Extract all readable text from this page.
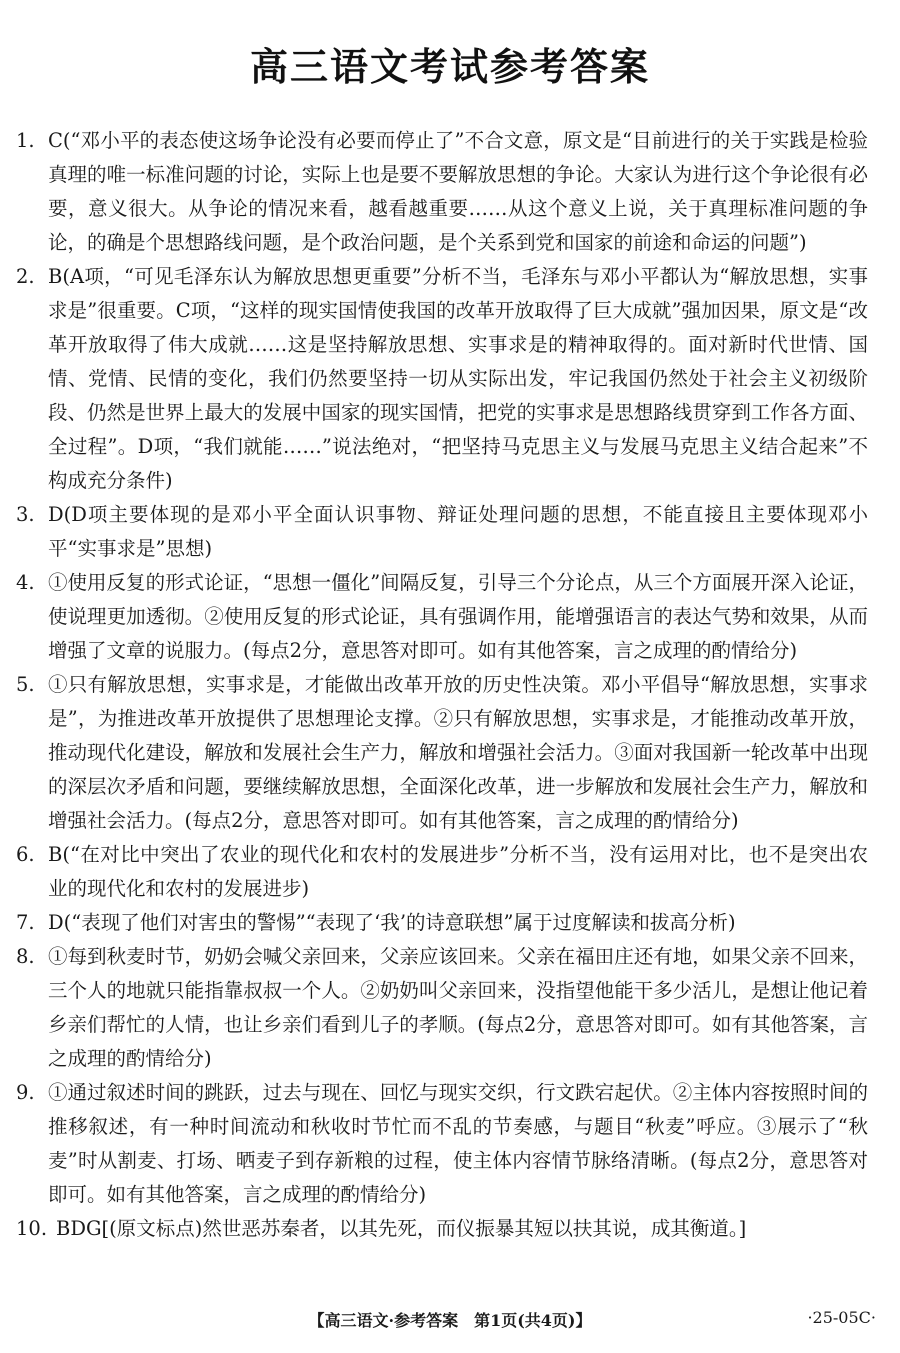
高三语文考试参考答案

1. C(“邓小平的表态使这场争论没有必要而停止了”不合文意，原文是“目前进行的关于实践是检验真理的唯一标准问题的讨论，实际上也是要不要解放思想的争论。大家认为进行这个争论很有必要，意义很大。从争论的情况来看，越看越重要……从这个意义上说，关于真理标准问题的争论，的确是个思想路线问题，是个政治问题，是个关系到党和国家的前途和命运的问题”)

2. B(A项，“可见毛泽东认为解放思想更重要”分析不当，毛泽东与邓小平都认为“解放思想，实事求是”很重要。C项，“这样的现实国情使我国的改革开放取得了巨大成就”强加因果，原文是“改革开放取得了伟大成就……这是坚持解放思想、实事求是的精神取得的。面对新时代世情、国情、党情、民情的变化，我们仍然要坚持一切从实际出发，牢记我国仍然处于社会主义初级阶段、仍然是世界上最大的发展中国家的现实国情，把党的实事求是思想路线贯穿到工作各方面、全过程”。D项，“我们就能……”说法绝对，“把坚持马克思主义与发展马克思主义结合起来”不构成充分条件)

3. D(D项主要体现的是邓小平全面认识事物、辩证处理问题的思想，不能直接且主要体现邓小平“实事求是”思想)

4. ①使用反复的形式论证，“思想一僵化”间隔反复，引导三个分论点，从三个方面展开深入论证，使说理更加透彻。②使用反复的形式论证，具有强调作用，能增强语言的表达气势和效果，从而增强了文章的说服力。(每点2分，意思答对即可。如有其他答案，言之成理的酌情给分)

5. ①只有解放思想，实事求是，才能做出改革开放的历史性决策。邓小平倡导“解放思想，实事求是”，为推进改革开放提供了思想理论支撑。②只有解放思想，实事求是，才能推动改革开放，推动现代化建设，解放和发展社会生产力，解放和增强社会活力。③面对我国新一轮改革中出现的深层次矛盾和问题，要继续解放思想，全面深化改革，进一步解放和发展社会生产力，解放和增强社会活力。(每点2分，意思答对即可。如有其他答案，言之成理的酌情给分)

6. B(“在对比中突出了农业的现代化和农村的发展进步”分析不当，没有运用对比，也不是突出农业的现代化和农村的发展进步)

7. D(“表现了他们对害虫的警惕”“表现了‘我’的诗意联想”属于过度解读和拔高分析)

8. ①每到秋麦时节，奶奶会喊父亲回来，父亲应该回来。父亲在福田庄还有地，如果父亲不回来，三个人的地就只能指靠叔叔一个人。②奶奶叫父亲回来，没指望他能干多少活儿，是想让他记着乡亲们帮忙的人情，也让乡亲们看到儿子的孝顺。(每点2分，意思答对即可。如有其他答案，言之成理的酌情给分)

9. ①通过叙述时间的跳跃，过去与现在、回忆与现实交织，行文跌宕起伏。②主体内容按照时间的推移叙述，有一种时间流动和秋收时节忙而不乱的节奏感，与题目“秋麦”呼应。③展示了“秋麦”时从割麦、打场、晒麦子到存新粮的过程，使主体内容情节脉络清晰。(每点2分，意思答对即可。如有其他答案，言之成理的酌情给分)

10. BDG[(原文标点)然世恶苏秦者，以其先死，而仪振暴其短以扶其说，成其衡道。]

【高三语文·参考答案　第1页(共4页)】	·25-05C·
